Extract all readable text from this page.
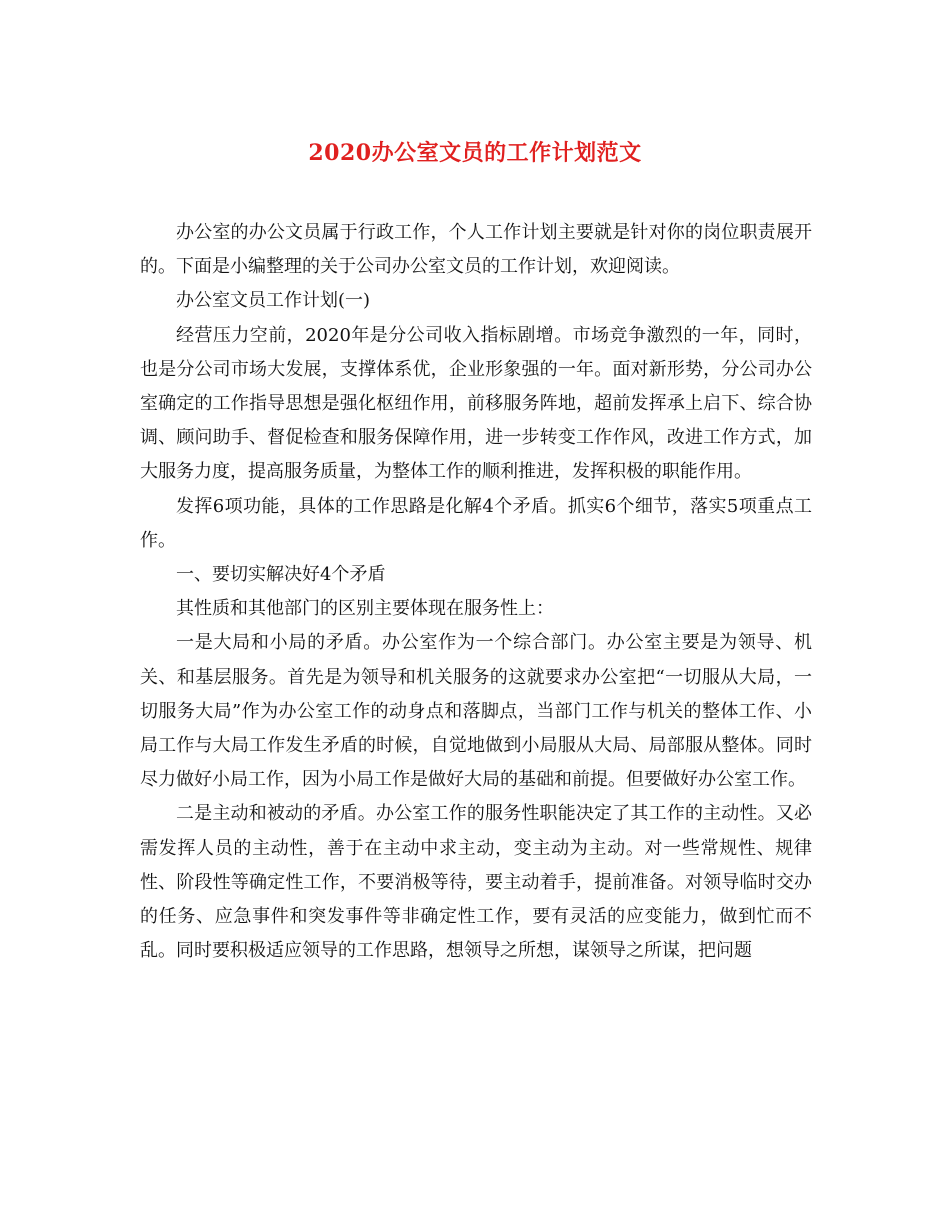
2020办公室文员的工作计划范文

办公室的办公文员属于行政工作，个人工作计划主要就是针对你的岗位职责展开的。下面是小编整理的关于公司办公室文员的工作计划，欢迎阅读。

办公室文员工作计划(一)

经营压力空前，2020年是分公司收入指标剧增。市场竞争激烈的一年，同时，也是分公司市场大发展，支撑体系优，企业形象强的一年。面对新形势，分公司办公室确定的工作指导思想是强化枢纽作用，前移服务阵地，超前发挥承上启下、综合协调、顾问助手、督促检查和服务保障作用，进一步转变工作作风，改进工作方式，加大服务力度，提高服务质量，为整体工作的顺利推进，发挥积极的职能作用。

发挥6项功能，具体的工作思路是化解4个矛盾。抓实6个细节，落实5项重点工作。

一、要切实解决好4个矛盾

其性质和其他部门的区别主要体现在服务性上：

一是大局和小局的矛盾。办公室作为一个综合部门。办公室主要是为领导、机关、和基层服务。首先是为领导和机关服务的这就要求办公室把“一切服从大局，一切服务大局”作为办公室工作的动身点和落脚点，当部门工作与机关的整体工作、小局工作与大局工作发生矛盾的时候，自觉地做到小局服从大局、局部服从整体。同时尽力做好小局工作，因为小局工作是做好大局的基础和前提。但要做好办公室工作。

二是主动和被动的矛盾。办公室工作的服务性职能决定了其工作的主动性。又必需发挥人员的主动性，善于在主动中求主动，变主动为主动。对一些常规性、规律性、阶段性等确定性工作，不要消极等待，要主动着手，提前准备。对领导临时交办的任务、应急事件和突发事件等非确定性工作，要有灵活的应变能力，做到忙而不乱。同时要积极适应领导的工作思路，想领导之所想，谋领导之所谋，把问题
